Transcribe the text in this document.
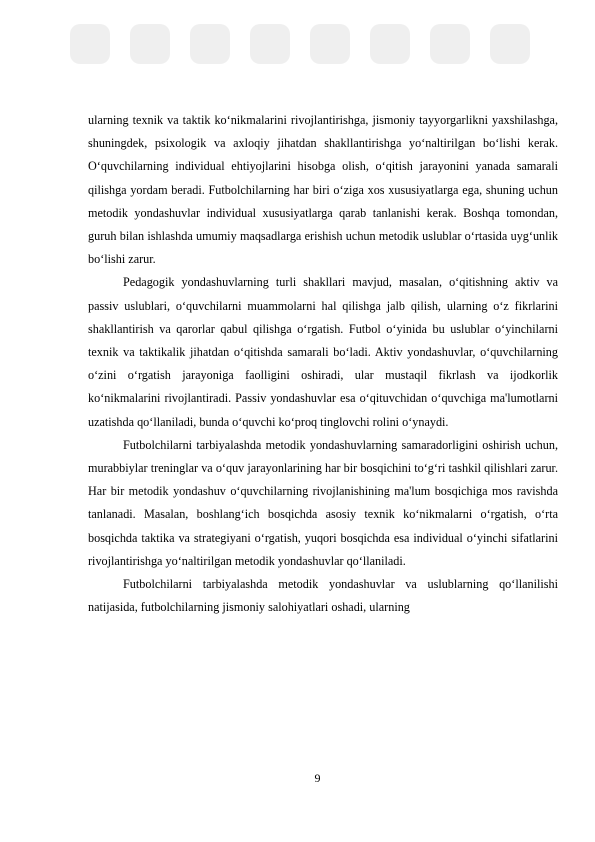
ularning texnik va taktik ko‘nikmalarini rivojlantirishga, jismoniy tayyorgarlikni yaxshilashga, shuningdek, psixologik va axloqiy jihatdan shakllantirishga yo‘naltirilgan bo‘lishi kerak. O‘quvchilarning individual ehtiyojlarini hisobga olish, o‘qitish jarayonini yanada samarali qilishga yordam beradi. Futbolchilarning har biri o‘ziga xos xususiyatlarga ega, shuning uchun metodik yondashuvlar individual xususiyatlarga qarab tanlanishi kerak. Boshqa tomondan, guruh bilan ishlashda umumiy maqsadlarga erishish uchun metodik uslublar o‘rtasida uyg‘unlik bo‘lishi zarur.

Pedagogik yondashuvlarning turli shakllari mavjud, masalan, o‘qitishning aktiv va passiv uslublari, o‘quvchilarni muammolarni hal qilishga jalb qilish, ularning o‘z fikrlarini shakllantirish va qarorlar qabul qilishga o‘rgatish. Futbol o‘yinida bu uslublar o‘yinchilarni texnik va taktikalik jihatdan o‘qitishda samarali bo‘ladi. Aktiv yondashuvlar, o‘quvchilarning o‘zini o‘rgatish jarayoniga faolligini oshiradi, ular mustaqil fikrlash va ijodkorlik ko‘nikmalarini rivojlantiradi. Passiv yondashuvlar esa o‘qituvchidan o‘quvchiga ma'lumotlarni uzatishda qo‘llaniladi, bunda o‘quvchi ko‘proq tinglovchi rolini o‘ynaydi.

Futbolchilarni tarbiyalashda metodik yondashuvlarning samaradorligini oshirish uchun, murabbiylar treninglar va o‘quv jarayonlarining har bir bosqichini to‘g‘ri tashkil qilishlari zarur. Har bir metodik yondashuv o‘quvchilarning rivojlanishining ma'lum bosqichiga mos ravishda tanlanadi. Masalan, boshlang‘ich bosqichda asosiy texnik ko‘nikmalarni o‘rgatish, o‘rta bosqichda taktika va strategiyani o‘rgatish, yuqori bosqichda esa individual o‘yinchi sifatlarini rivojlantirishga yo‘naltirilgan metodik yondashuvlar qo‘llaniladi.

Futbolchilarni tarbiyalashda metodik yondashuvlar va uslublarning qo‘llanilishi natijasida, futbolchilarning jismoniy salohiyatlari oshadi, ularning

9
